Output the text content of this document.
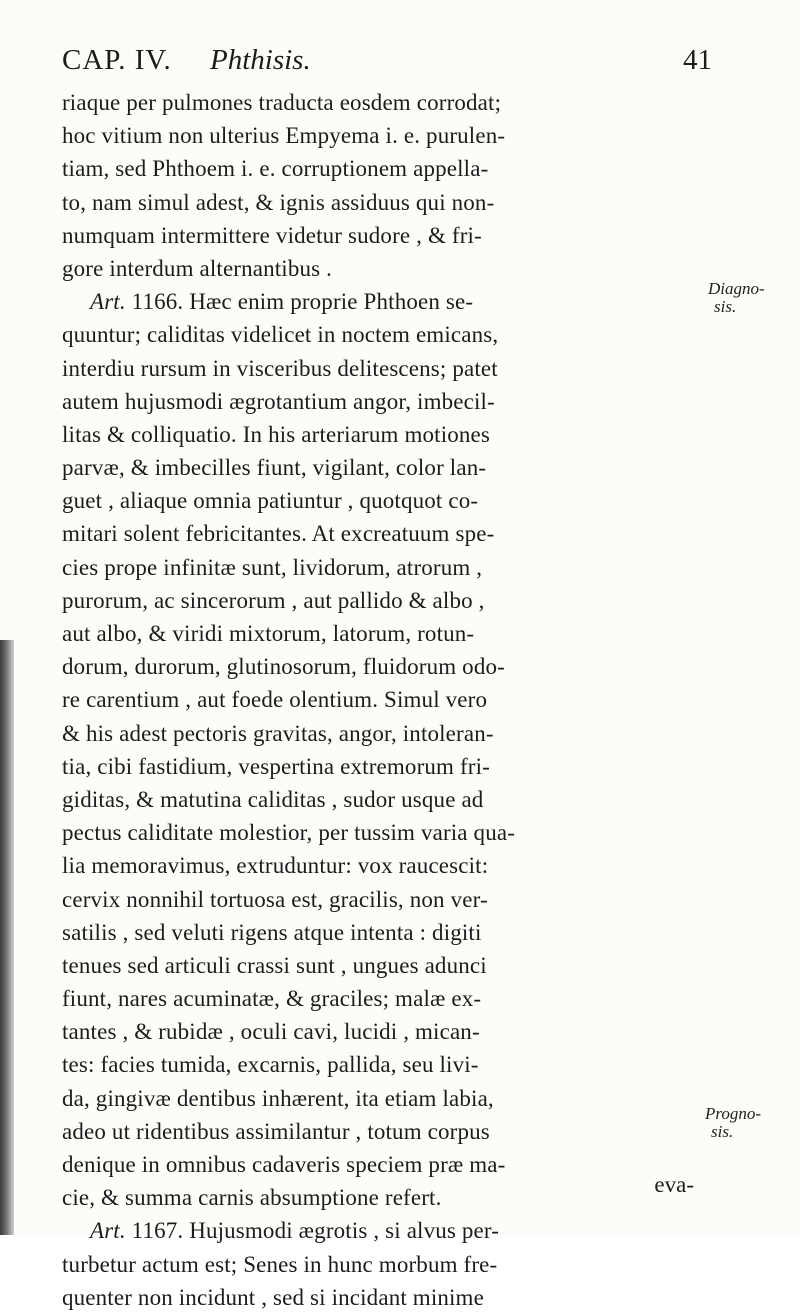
CAP. IV. Phthisis.	41
riaque per pulmones traducta eosdem corrodat;
hoc vitium non ulterius Empyema i. e. purulen-
tiam, sed Phthoem i. e. corruptionem appella-
to, nam simul adest, & ignis assiduus qui non-
numquam intermittere videtur sudore , & fri-
gore interdum alternantibus .
Art. 1166. Hæc enim proprie Phthoen se-
quuntur; caliditas videlicet in noctem emicans,
interdiu rursum in visceribus delitescens; patet
autem hujusmodi ægrotantium angor, imbecil-
litas & colliquatio. In his arteriarum motiones
parvæ, & imbecilles fiunt, vigilant, color lan-
guet , aliaque omnia patiuntur , quotquot co-
mitari solent febricitantes. At excreatuum spe-
cies prope infinitæ sunt, lividorum, atrorum ,
purorum, ac sincerorum , aut pallido & albo ,
aut albo, & viridi mixtorum, latorum, rotun-
dorum, durorum, glutinosorum, fluidorum odo-
re carentium , aut foede olentium. Simul vero
& his adest pectoris gravitas, angor, intoleran-
tia, cibi fastidium, vespertina extremorum fri-
giditas, & matutina caliditas , sudor usque ad
pectus caliditate molestior, per tussim varia qua-
lia memoravimus, extruduntur: vox raucescit:
cervix nonnihil tortuosa est, gracilis, non ver-
satilis , sed veluti rigens atque intenta : digiti
tenues sed articuli crassi sunt , ungues adunci
fiunt, nares acuminatæ, & graciles; malæ ex-
tantes , & rubidæ , oculi cavi, lucidi , mican-
tes: facies tumida, excarnis, pallida, seu livi-
da, gingivæ dentibus inhærent, ita etiam labia,
adeo ut ridentibus assimilantur , totum corpus
denique in omnibus cadaveris speciem præ ma-
cie, & summa carnis absumptione refert.
Art. 1167. Hujusmodi ægrotis , si alvus per-
turbetur actum est; Senes in hunc morbum fre-
quenter non incidunt , sed si incidant minime
Diagno-
sis.
Progno-
sis.
eva-
